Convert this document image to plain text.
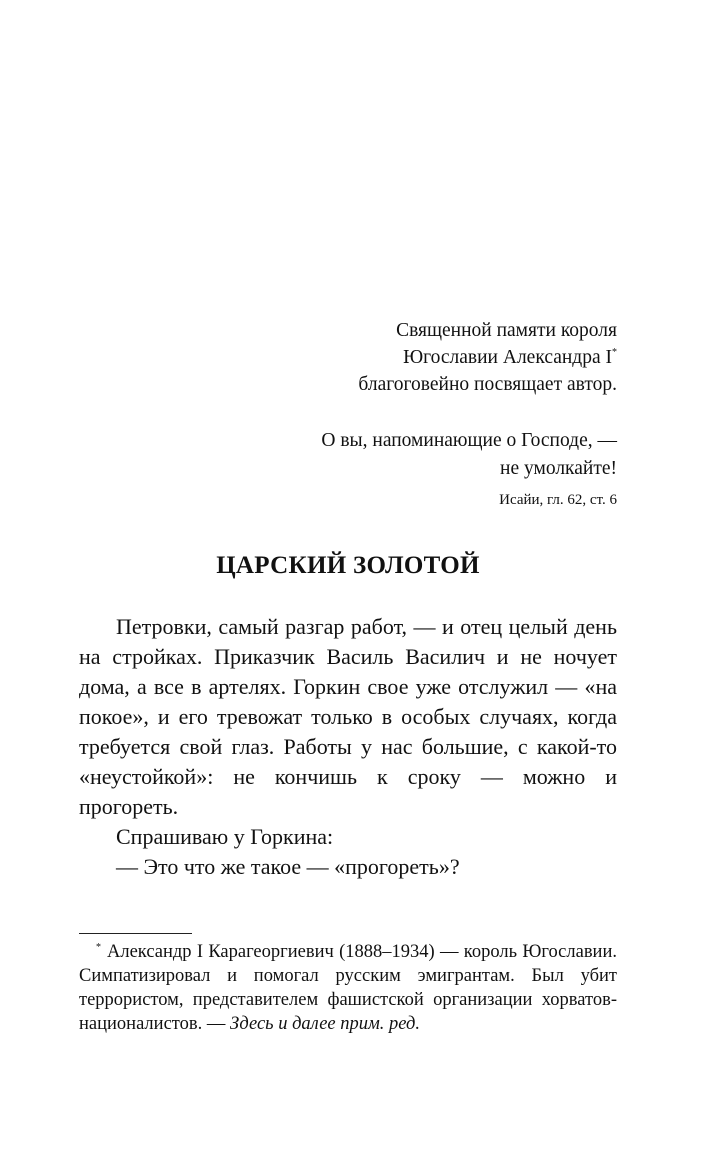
Священной памяти короля
Югославии Александра I*
благоговейно посвящает автор.
О вы, напоминающие о Господе, —
не умолкайте!
Исайи, гл. 62, ст. 6
ЦАРСКИЙ ЗОЛОТОЙ

Петровки, самый разгар работ, — и отец целый день на стройках. Приказчик Василь Василич и не ночует дома, а все в артелях. Горкин свое уже отслужил — «на покое», и его тревожат только в особых случаях, когда требуется свой глаз. Работы у нас большие, с какой-то «неустойкой»: не кончишь к сроку — можно и прогореть.

Спрашиваю у Горкина:

— Это что же такое — «прогореть»?

* Александр I Карагеоргиевич (1888–1934) — король Югославии. Симпатизировал и помогал русским эмигрантам. Был убит террористом, представителем фашистской организации хорватов-националистов. — Здесь и далее прим. ред.
